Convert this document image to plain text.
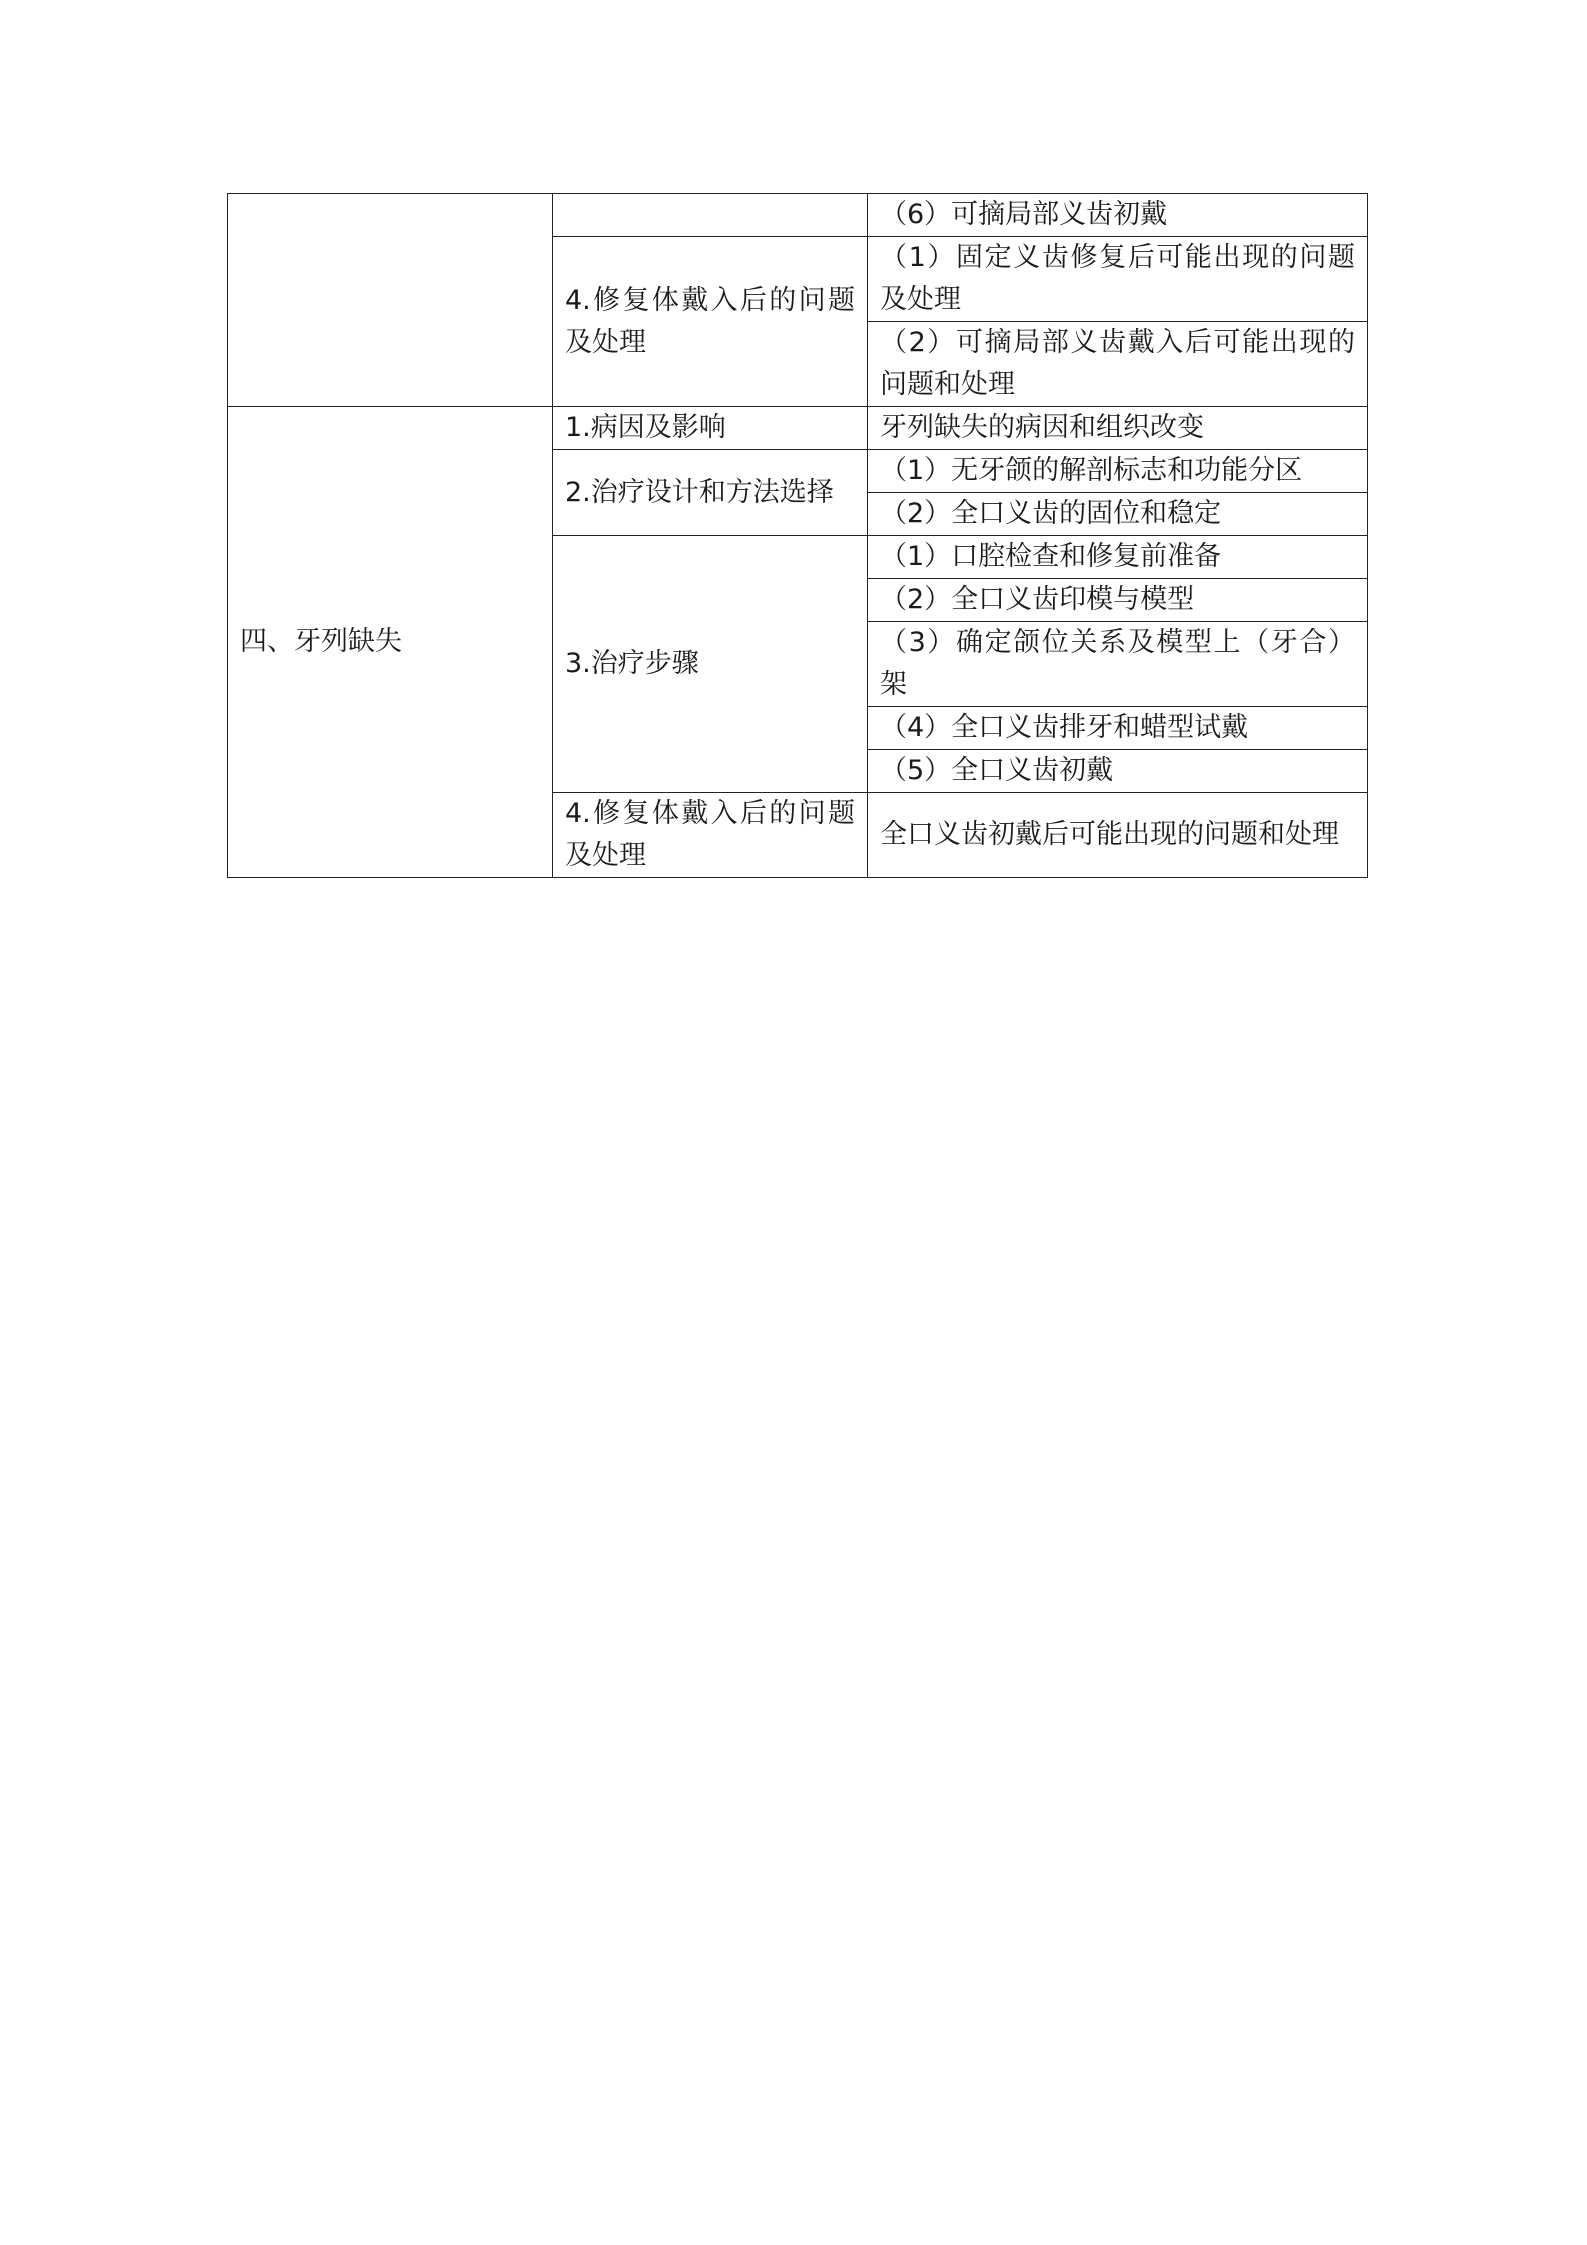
		（6）可摘局部义齿初戴
	4.修复体戴入后的问题及处理	（1）固定义齿修复后可能出现的问题及处理
		（2）可摘局部义齿戴入后可能出现的问题和处理
四、牙列缺失	1.病因及影响	牙列缺失的病因和组织改变
	2.治疗设计和方法选择	（1）无牙颌的解剖标志和功能分区
		（2）全口义齿的固位和稳定
	3.治疗步骤	（1）口腔检查和修复前准备
		（2）全口义齿印模与模型
		（3）确定颌位关系及模型上（牙合）架
		（4）全口义齿排牙和蜡型试戴
		（5）全口义齿初戴
	4.修复体戴入后的问题及处理	全口义齿初戴后可能出现的问题和处理
